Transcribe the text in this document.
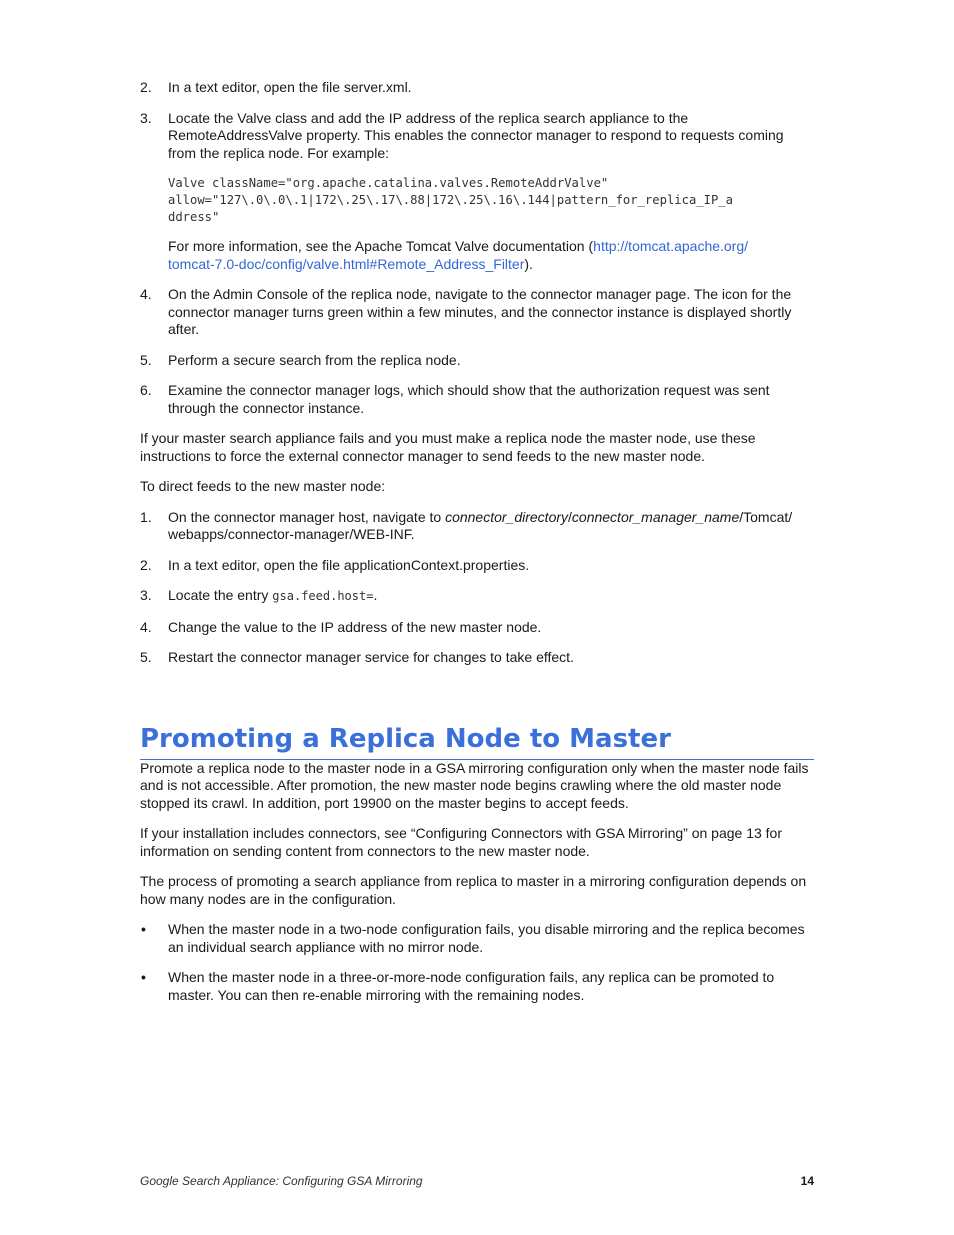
2. In a text editor, open the file server.xml.
3. Locate the Valve class and add the IP address of the replica search appliance to the RemoteAddressValve property. This enables the connector manager to respond to requests coming from the replica node. For example:
Valve className="org.apache.catalina.valves.RemoteAddrValve"
allow="127\.0\.0\.1|172\.25\.17\.88|172\.25\.16\.144|pattern_for_replica_IP_a
ddress"
For more information, see the Apache Tomcat Valve documentation (http://tomcat.apache.org/
tomcat-7.0-doc/config/valve.html#Remote_Address_Filter).
4. On the Admin Console of the replica node, navigate to the connector manager page. The icon for the connector manager turns green within a few minutes, and the connector instance is displayed shortly after.
5. Perform a secure search from the replica node.
6. Examine the connector manager logs, which should show that the authorization request was sent through the connector instance.

If your master search appliance fails and you must make a replica node the master node, use these instructions to force the external connector manager to send feeds to the new master node.

To direct feeds to the new master node:

1. On the connector manager host, navigate to connector_directory/connector_manager_name/Tomcat/ webapps/connector-manager/WEB-INF.
2. In a text editor, open the file applicationContext.properties.
3. Locate the entry gsa.feed.host=.
4. Change the value to the IP address of the new master node.
5. Restart the connector manager service for changes to take effect.
Promoting a Replica Node to Master

Promote a replica node to the master node in a GSA mirroring configuration only when the master node fails and is not accessible. After promotion, the new master node begins crawling where the old master node stopped its crawl. In addition, port 19900 on the master begins to accept feeds.

If your installation includes connectors, see “Configuring Connectors with GSA Mirroring” on page 13 for information on sending content from connectors to the new master node.

The process of promoting a search appliance from replica to master in a mirroring configuration depends on how many nodes are in the configuration.

• When the master node in a two-node configuration fails, you disable mirroring and the replica becomes an individual search appliance with no mirror node.
• When the master node in a three-or-more-node configuration fails, any replica can be promoted to master. You can then re-enable mirroring with the remaining nodes.
Google Search Appliance: Configuring GSA Mirroring	14
